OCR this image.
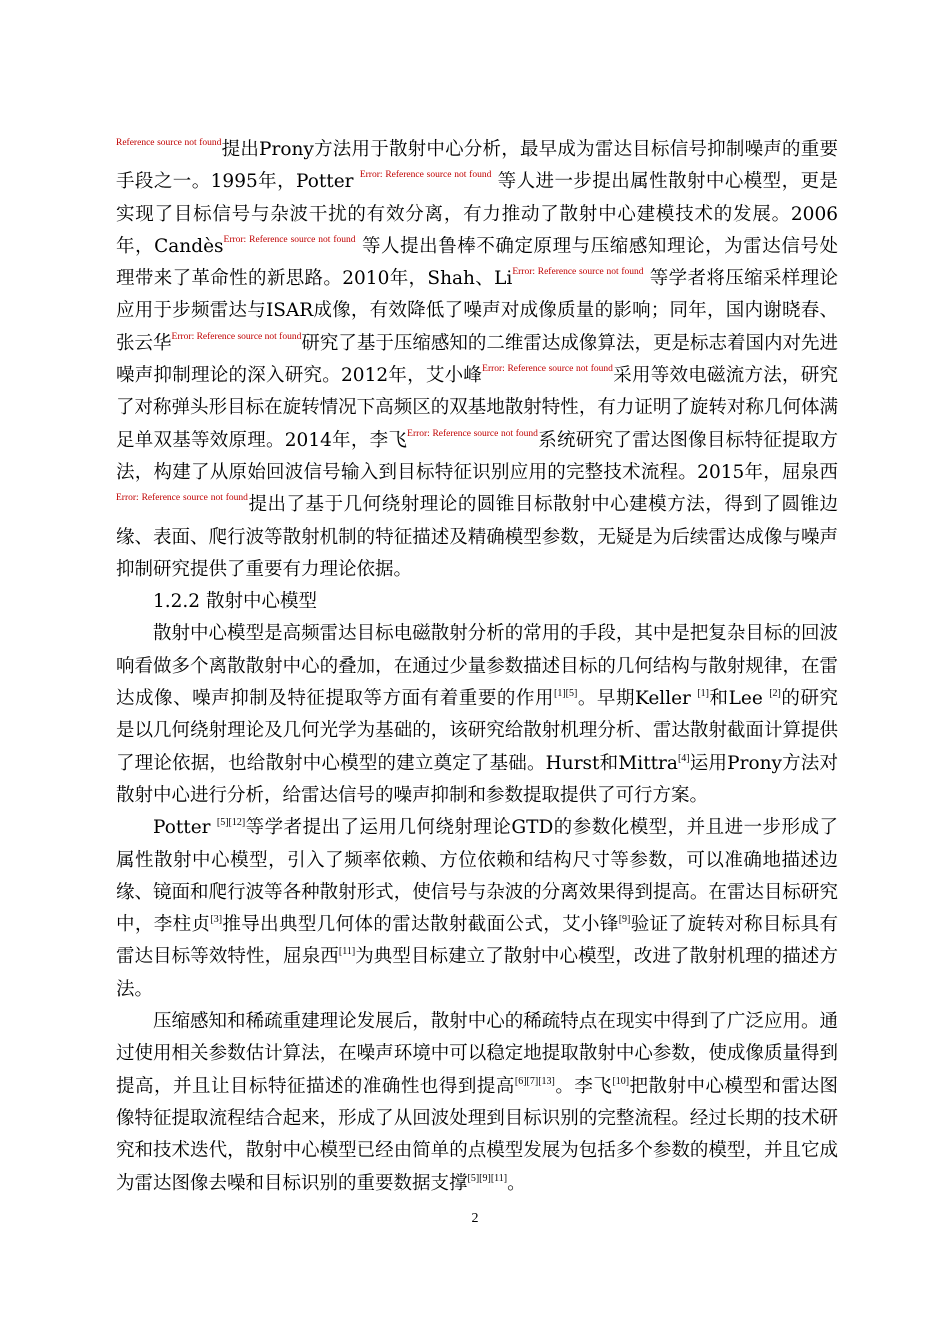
$^{Reference source not found}$提出Prony方法用于散射中心分析，最早成为雷达目标信号抑制噪声的重要手段之一。1995年，Potter $^{Error: Reference source not found}$ 等人进一步提出属性散射中心模型，更是实现了目标信号与杂波干扰的有效分离，有力推动了散射中心建模技术的发展。2006年，Candès$^{Error: Reference source not found}$ 等人提出鲁棒不确定原理与压缩感知理论，为雷达信号处理带来了革命性的新思路。2010年，Shah、$Li^{Error: Reference source not found}$ 等学者将压缩采样理论应用于步频雷达与ISAR成像，有效降低了噪声对成像质量的影响；同年，国内谢晓春、张云华$^{Error: Reference source not found}$研究了基于压缩感知的二维雷达成像算法，更是标志着国内对先进噪声抑制理论的深入研究。2012年，艾小峰$^{Error: Reference source not found}$采用等效电磁流方法，研究了对称弹头形目标在旋转情况下高频区的双基地散射特性，有力证明了旋转对称几何体满足单双基等效原理。2014年，李飞$^{Error: Reference source not found}$系统研究了雷达图像目标特征提取方法，构建了从原始回波信号输入到目标特征识别应用的完整技术流程。2015年，屈泉西$^{Error: Reference source not found}$提出了基于几何绕射理论的圆锥目标散射中心建模方法，得到了圆锥边缘、表面、爬行波等散射机制的特征描述及精确模型参数，无疑是为后续雷达成像与噪声抑制研究提供了重要有力理论依据。

1.2.2 散射中心模型

散射中心模型是高频雷达目标电磁散射分析的常用的手段，其中是把复杂目标的回波响看做多个离散散射中心的叠加，在通过少量参数描述目标的几何结构与散射规律，在雷达成像、噪声抑制及特征提取等方面有着重要的作用[1][5]。早期Keller [1]和Lee [2]的研究是以几何绕射理论及几何光学为基础的，该研究给散射机理分析、雷达散射截面计算提供了理论依据，也给散射中心模型的建立奠定了基础。Hurst和Mittra[4]运用Prony方法对散射中心进行分析，给雷达信号的噪声抑制和参数提取提供了可行方案。

Potter [5][12]等学者提出了运用几何绕射理论GTD的参数化模型，并且进一步形成了属性散射中心模型，引入了频率依赖、方位依赖和结构尺寸等参数，可以准确地描述边缘、镜面和爬行波等各种散射形式，使信号与杂波的分离效果得到提高。在雷达目标研究中，李柱贞[3]推导出典型几何体的雷达散射截面公式，艾小锋[9]验证了旋转对称目标具有雷达目标等效特性，屈泉西[11]为典型目标建立了散射中心模型，改进了散射机理的描述方法。

压缩感知和稀疏重建理论发展后，散射中心的稀疏特点在现实中得到了广泛应用。通过使用相关参数估计算法，在噪声环境中可以稳定地提取散射中心参数，使成像质量得到提高，并且让目标特征描述的准确性也得到提高[6][7][13]。李飞[10]把散射中心模型和雷达图像特征提取流程结合起来，形成了从回波处理到目标识别的完整流程。经过长期的技术研究和技术迭代，散射中心模型已经由简单的点模型发展为包括多个参数的模型，并且它成为雷达图像去噪和目标识别的重要数据支撑[5][9][11]。

2
